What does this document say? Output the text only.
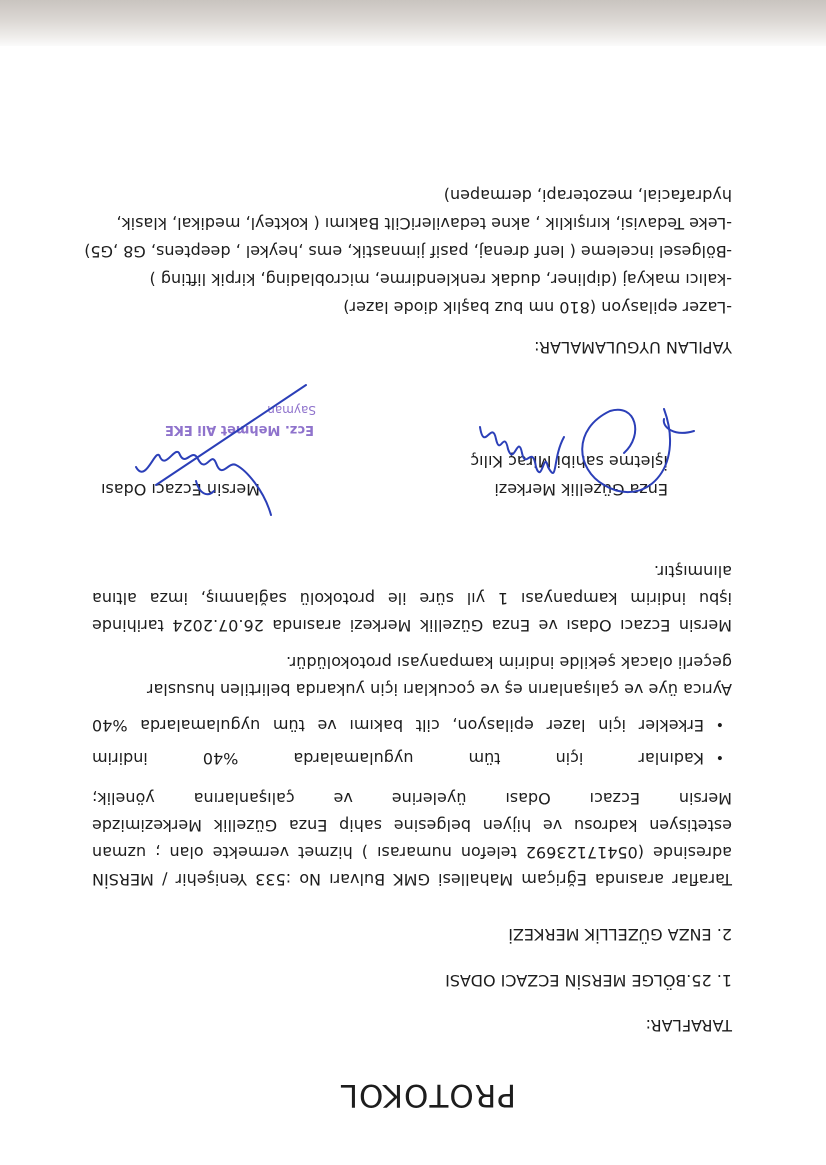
PROTOKOL
TARAFLAR:
1. 25.BÖLGE MERSİN ECZACI ODASI
2. ENZA GÜZELLİK MERKEZİ
Taraflar arasında Eğriçam Mahallesi GMK Bulvarı No :533 Yenişehir / MERSİN adresinde (05417123692 telefon numarası ) hizmet vermekte olan ; uzman estetisyen kadrosu ve hijyen belgesine sahip Enza Güzellik Merkezimizde Mersin Eczacı Odası üyelerine ve çalışanlarına yönelik;
•
Kadınlar için tüm uygulamalarda %40 indirim
•
Erkekler için lazer epilasyon, cilt bakımı ve tüm uygulamalarda %40
Ayrıca üye ve çalışanların eş ve çocukları için yukarıda belirtilen hususlar geçerli olacak şekilde indirim kampanyası protokolüdür.
Mersin Eczacı Odası ve Enza Güzellik Merkezi arasında 26.07.2024 tarihinde işbu indirim kampanyası 1 yıl süre ile protokolü sağlanmış, imza altına alınmıştır.
Enza Güzellik Merkezi
İşletme sahibi Miraç Kılıç
Mersin Eczacı Odası
Ecz. Mehmet Ali EKE
Sayman
YAPILAN UYGULAMALAR:
-Lazer epilasyon (810 nm buz başlık diode lazer)
-kalıcı makyaj (dipliner, dudak renklendirme, microblading, kirpik lifting )
-Bölgesel inceleme ( lenf drenaj, pasif jimnastik, ems ,heykel , deeptens, G8 ,G5)
-Leke Tedavisi, kırışıklık , akne tedavileriCilt Bakımı ( kokteyl, medikal, klasik,
hydrafacial, mezoterapi, dermapen)
